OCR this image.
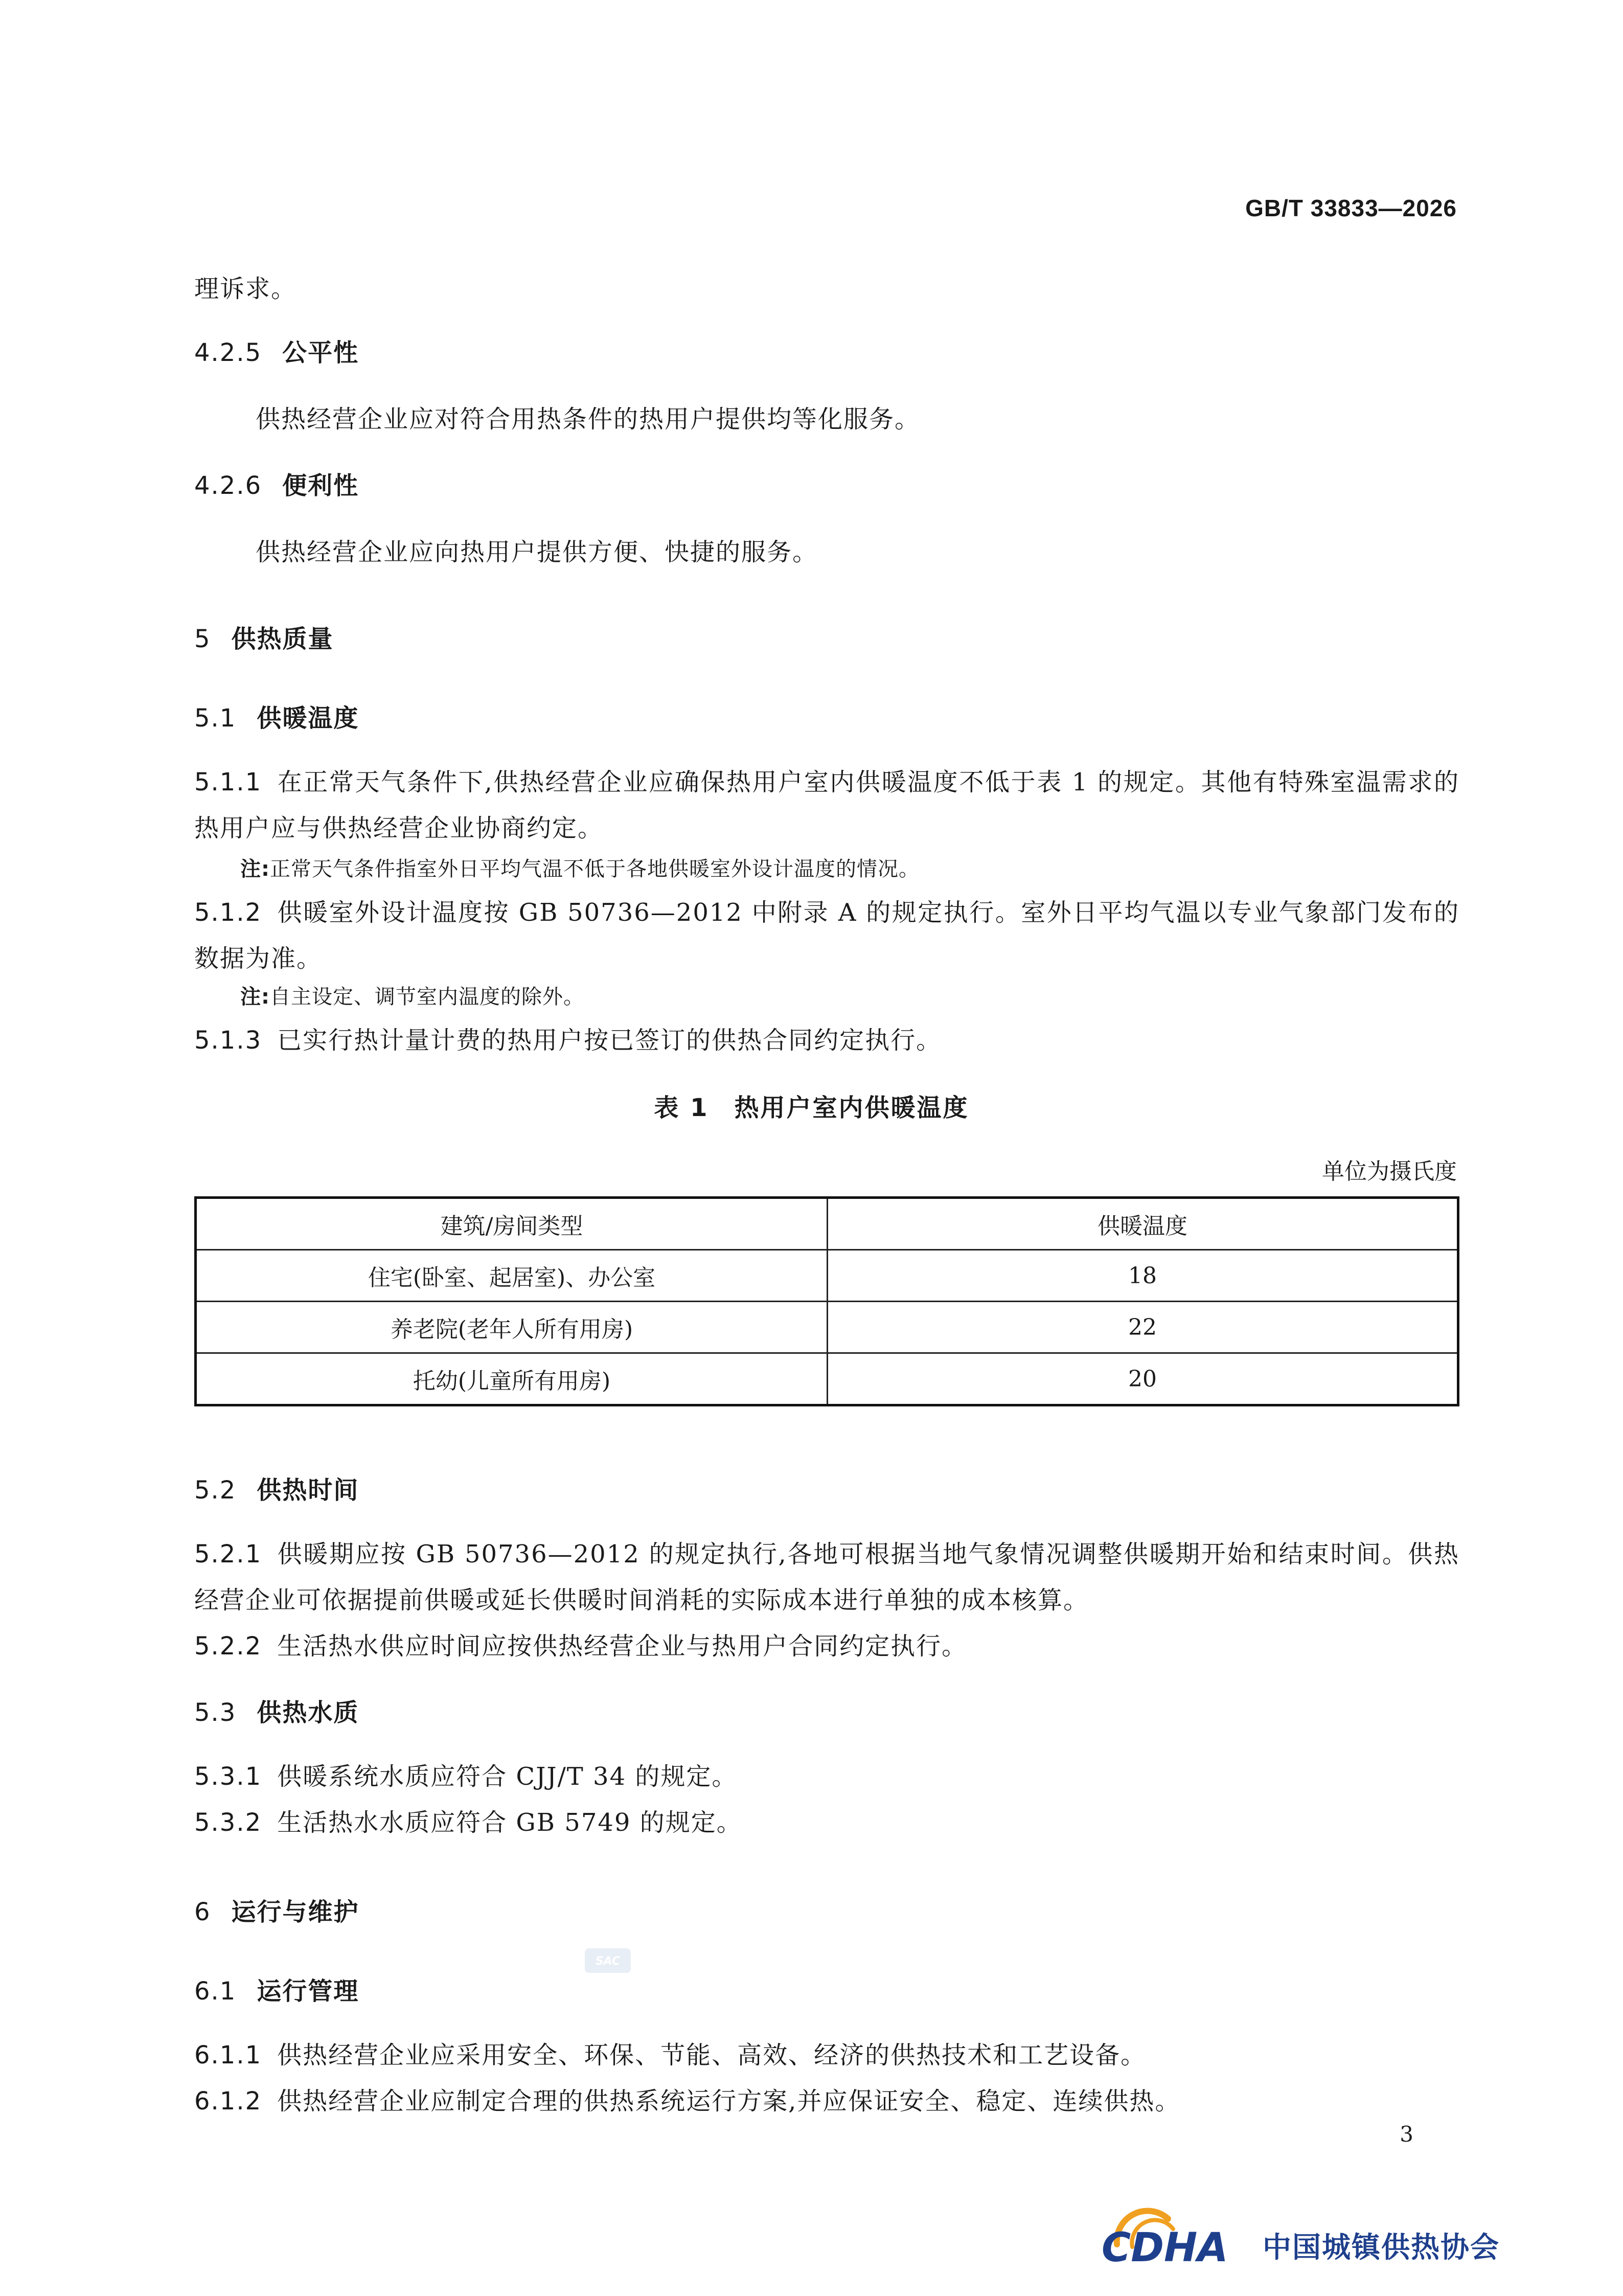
GB/T 33833—2026
理诉求。
4.2.5 公平性
供热经营企业应对符合用热条件的热用户提供均等化服务。
4.2.6 便利性
供热经营企业应向热用户提供方便、快捷的服务。
5 供热质量
5.1 供暖温度
5.1.1 在正常天气条件下,供热经营企业应确保热用户室内供暖温度不低于表 1 的规定。其他有特殊室温需求的热用户应与供热经营企业协商约定。
注:正常天气条件指室外日平均气温不低于各地供暖室外设计温度的情况。
5.1.2 供暖室外设计温度按 GB 50736—2012 中附录 A 的规定执行。室外日平均气温以专业气象部门发布的数据为准。
注:自主设定、调节室内温度的除外。
5.1.3 已实行热计量计费的热用户按已签订的供热合同约定执行。
表 1 热用户室内供暖温度
单位为摄氏度
建筑/房间类型	供暖温度
住宅(卧室、起居室)、办公室	18
养老院(老年人所有用房)	22
托幼(儿童所有用房)	20
5.2 供热时间
5.2.1 供暖期应按 GB 50736—2012 的规定执行,各地可根据当地气象情况调整供暖期开始和结束时间。供热经营企业可依据提前供暖或延长供暖时间消耗的实际成本进行单独的成本核算。
5.2.2 生活热水供应时间应按供热经营企业与热用户合同约定执行。
5.3 供热水质
5.3.1 供暖系统水质应符合 CJJ/T 34 的规定。
5.3.2 生活热水水质应符合 GB 5749 的规定。
6 运行与维护
SAC
6.1 运行管理
6.1.1 供热经营企业应采用安全、环保、节能、高效、经济的供热技术和工艺设备。
6.1.2 供热经营企业应制定合理的供热系统运行方案,并应保证安全、稳定、连续供热。
3
CDHA 中国城镇供热协会
